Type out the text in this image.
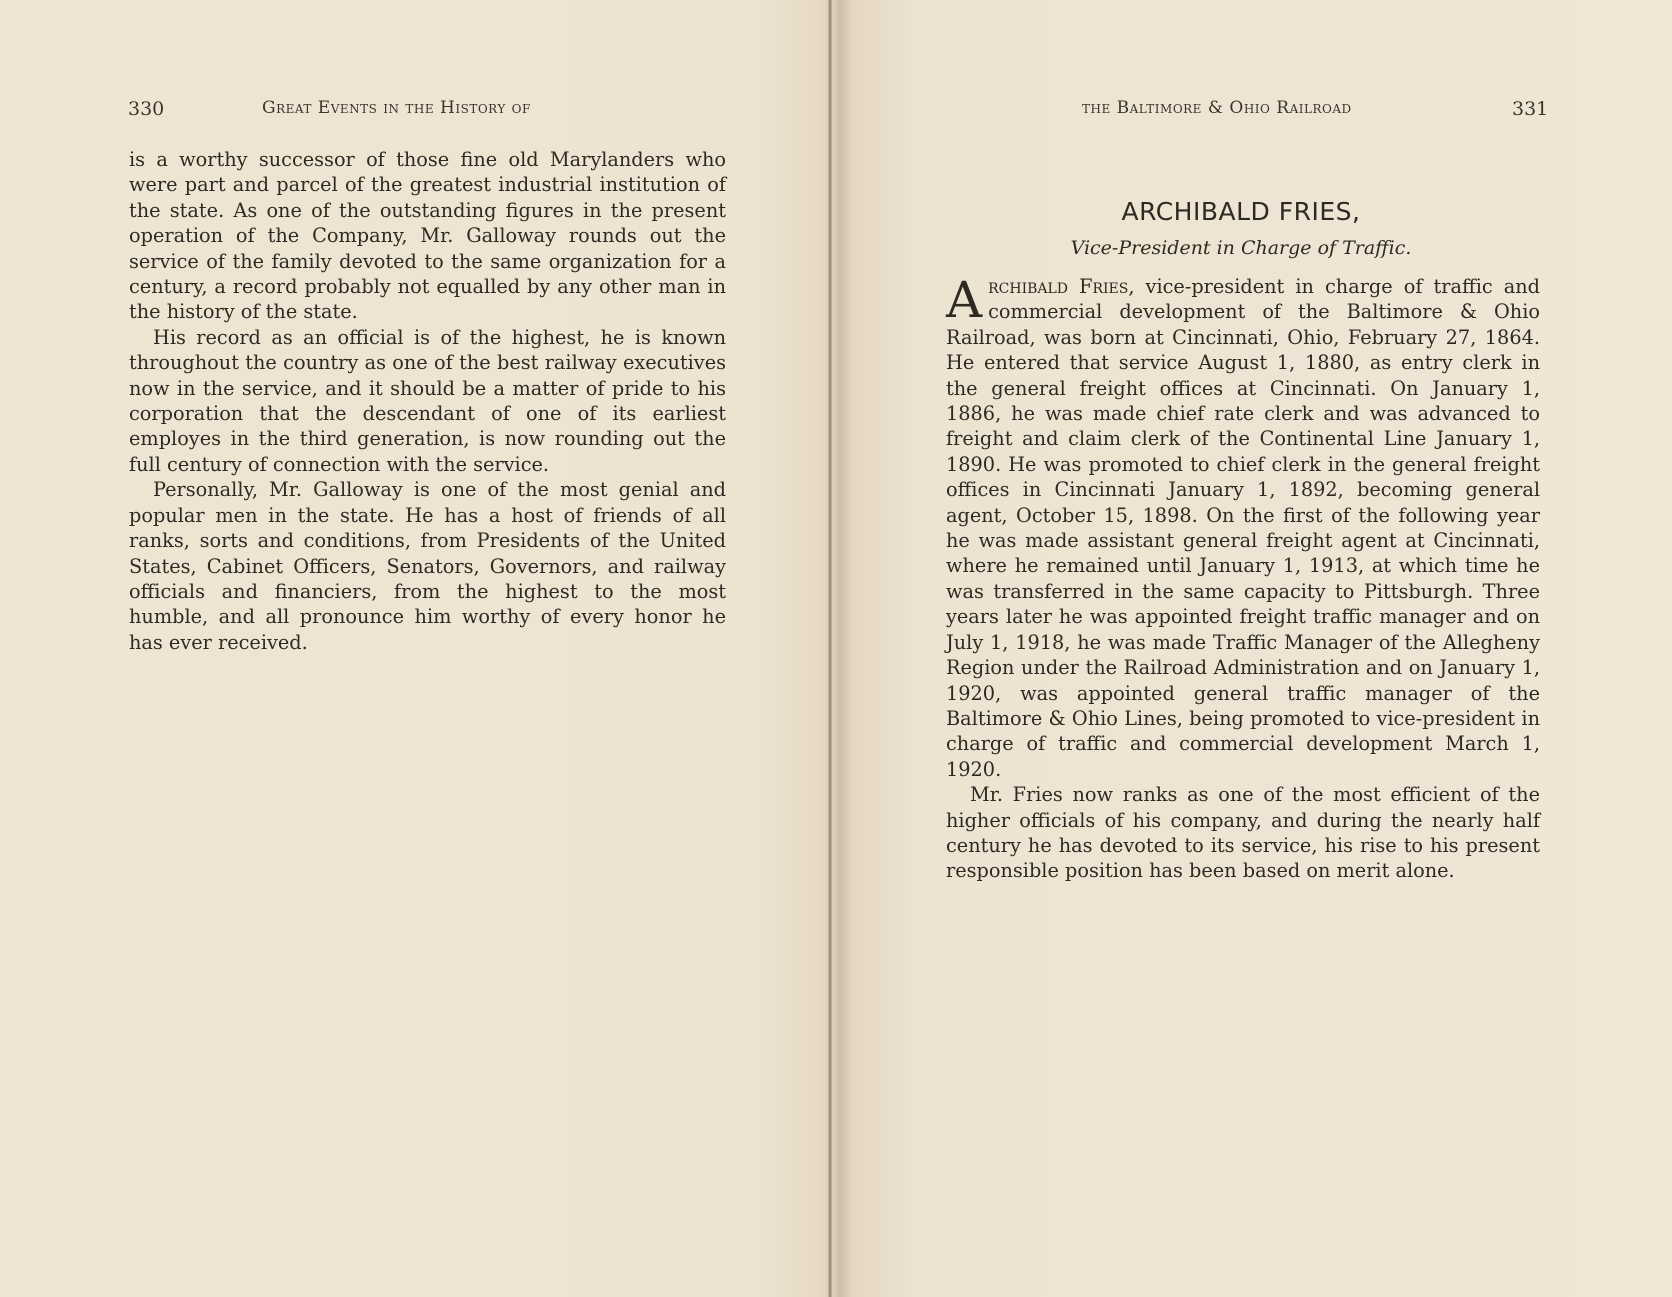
330	Great Events in the History of

is a worthy successor of those fine old Marylanders who were part and parcel of the greatest industrial institution of the state. As one of the outstanding figures in the present operation of the Company, Mr. Galloway rounds out the service of the family devoted to the same organization for a century, a record probably not equalled by any other man in the history of the state.

His record as an official is of the highest, he is known throughout the country as one of the best railway executives now in the service, and it should be a matter of pride to his corporation that the descendant of one of its earliest employes in the third generation, is now rounding out the full century of connection with the service.

Personally, Mr. Galloway is one of the most genial and popular men in the state. He has a host of friends of all ranks, sorts and conditions, from Presidents of the United States, Cabinet Officers, Senators, Governors, and railway officials and financiers, from the highest to the most humble, and all pronounce him worthy of every honor he has ever received.

the Baltimore & Ohio Railroad	331
ARCHIBALD FRIES,
Vice-President in Charge of Traffic.

Archibald Fries, vice-president in charge of traffic and commercial development of the Baltimore & Ohio Railroad, was born at Cincinnati, Ohio, February 27, 1864. He entered that service August 1, 1880, as entry clerk in the general freight offices at Cincinnati. On January 1, 1886, he was made chief rate clerk and was advanced to freight and claim clerk of the Continental Line January 1, 1890. He was promoted to chief clerk in the general freight offices in Cincinnati January 1, 1892, becoming general agent, October 15, 1898. On the first of the following year he was made assistant general freight agent at Cincinnati, where he remained until January 1, 1913, at which time he was transferred in the same capacity to Pittsburgh. Three years later he was appointed freight traffic manager and on July 1, 1918, he was made Traffic Manager of the Allegheny Region under the Railroad Administration and on January 1, 1920, was appointed general traffic manager of the Baltimore & Ohio Lines, being promoted to vice-president in charge of traffic and commercial development March 1, 1920.

Mr. Fries now ranks as one of the most efficient of the higher officials of his company, and during the nearly half century he has devoted to its service, his rise to his present responsible position has been based on merit alone.
